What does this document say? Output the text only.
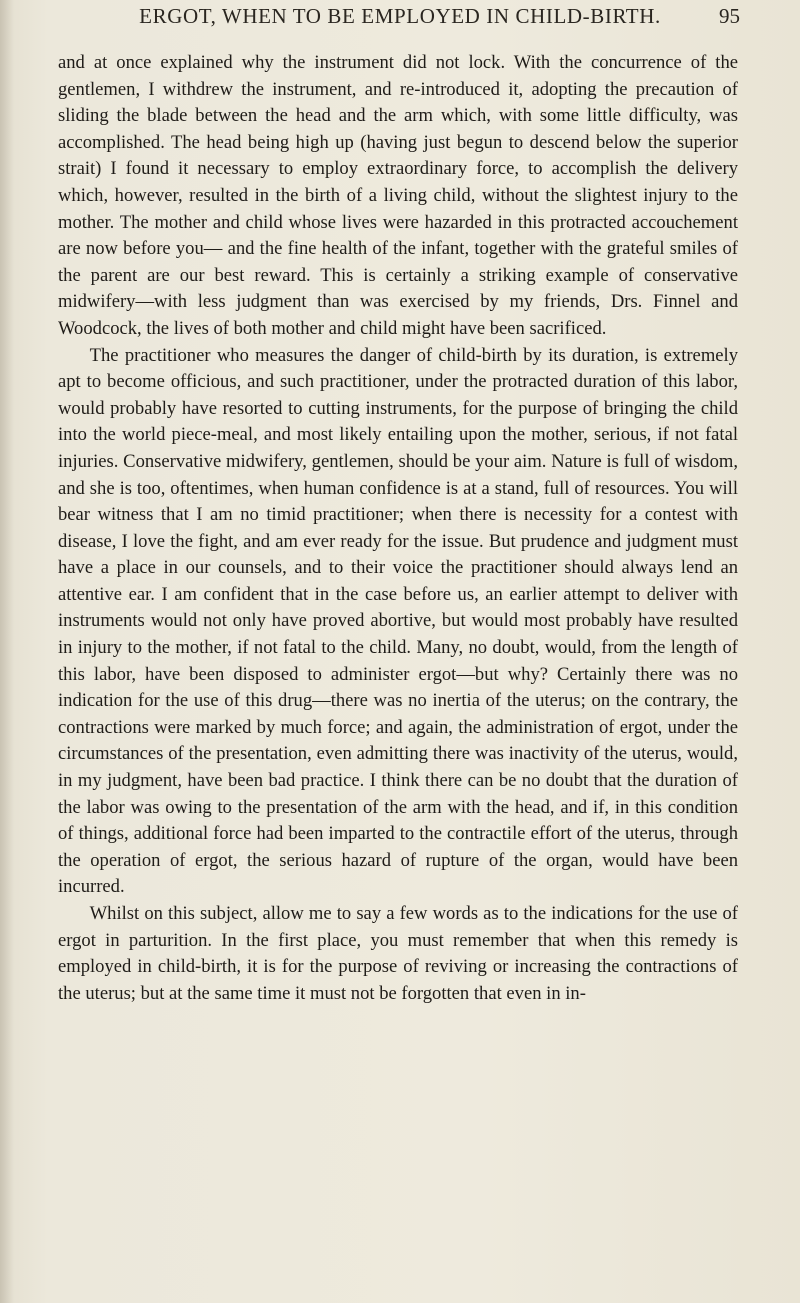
ERGOT, WHEN TO BE EMPLOYED IN CHILD-BIRTH.	95

and at once explained why the instrument did not lock. With the concurrence of the gentlemen, I withdrew the instrument, and re-introduced it, adopting the precaution of sliding the blade between the head and the arm which, with some little difficulty, was accomplished. The head being high up (having just begun to descend below the superior strait) I found it necessary to employ extraordinary force, to accomplish the delivery which, however, resulted in the birth of a living child, without the slightest injury to the mother. The mother and child whose lives were hazarded in this protracted accouchement are now before you— and the fine health of the infant, together with the grateful smiles of the parent are our best reward. This is certainly a striking example of conservative midwifery—with less judgment than was exercised by my friends, Drs. Finnel and Woodcock, the lives of both mother and child might have been sacrificed.

The practitioner who measures the danger of child-birth by its duration, is extremely apt to become officious, and such practitioner, under the protracted duration of this labor, would probably have resorted to cutting instruments, for the purpose of bringing the child into the world piece-meal, and most likely entailing upon the mother, serious, if not fatal injuries. Conservative midwifery, gentlemen, should be your aim. Nature is full of wisdom, and she is too, oftentimes, when human confidence is at a stand, full of resources. You will bear witness that I am no timid practitioner; when there is necessity for a contest with disease, I love the fight, and am ever ready for the issue. But prudence and judgment must have a place in our counsels, and to their voice the practitioner should always lend an attentive ear. I am confident that in the case before us, an earlier attempt to deliver with instruments would not only have proved abortive, but would most probably have resulted in injury to the mother, if not fatal to the child. Many, no doubt, would, from the length of this labor, have been disposed to administer ergot—but why? Certainly there was no indication for the use of this drug—there was no inertia of the uterus; on the contrary, the contractions were marked by much force; and again, the administration of ergot, under the circumstances of the presentation, even admitting there was inactivity of the uterus, would, in my judgment, have been bad practice. I think there can be no doubt that the duration of the labor was owing to the presentation of the arm with the head, and if, in this condition of things, additional force had been imparted to the contractile effort of the uterus, through the operation of ergot, the serious hazard of rupture of the organ, would have been incurred.

Whilst on this subject, allow me to say a few words as to the indications for the use of ergot in parturition. In the first place, you must remember that when this remedy is employed in child-birth, it is for the purpose of reviving or increasing the contractions of the uterus; but at the same time it must not be forgotten that even in in-
